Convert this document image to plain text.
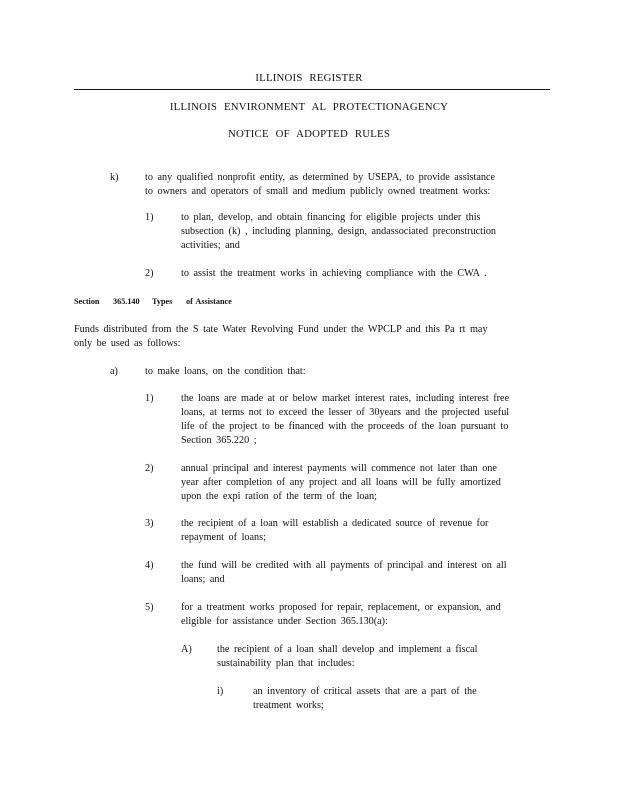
ILLINOIS REGISTER
ILLINOIS ENVIRONMENT AL PROTECTIONAGENCY
NOTICE OF ADOPTED RULES
k)	to any qualified nonprofit entity, as determined by USEPA, to provide assistance
to owners and operators of small and medium publicly owned treatment works:
1)	to plan, develop, and obtain financing for eligible projects under this
subsection (k) , including planning, design, andassociated preconstruction
activities; and
2)	to assist the treatment works in achieving compliance with the CWA .
Section 365.140 Types of Assistance
Funds distributed from the S tate Water Revolving Fund under the WPCLP and this Pa rt may
only be used as follows:
a)	to make loans, on the condition that:
1)	the loans are made at or below market interest rates, including interest free
loans, at terms not to exceed the lesser of 30years and the projected useful
life of the project to be financed with the proceeds of the loan pursuant to
Section 365.220 ;
2)	annual principal and interest payments will commence not later than one
year after completion of any project and all loans will be fully amortized
upon the expi ration of the term of the loan;
3)	the recipient of a loan will establish a dedicated source of revenue for
repayment of loans;
4)	the fund will be credited with all payments of principal and interest on all
loans; and
5)	for a treatment works proposed for repair, replacement, or expansion, and
eligible for assistance under Section 365.130(a):
A) the recipient of a loan shall develop and implement a fiscal
sustainability plan that includes:
i)	an inventory of critical assets that are a part of the
treatment works;
